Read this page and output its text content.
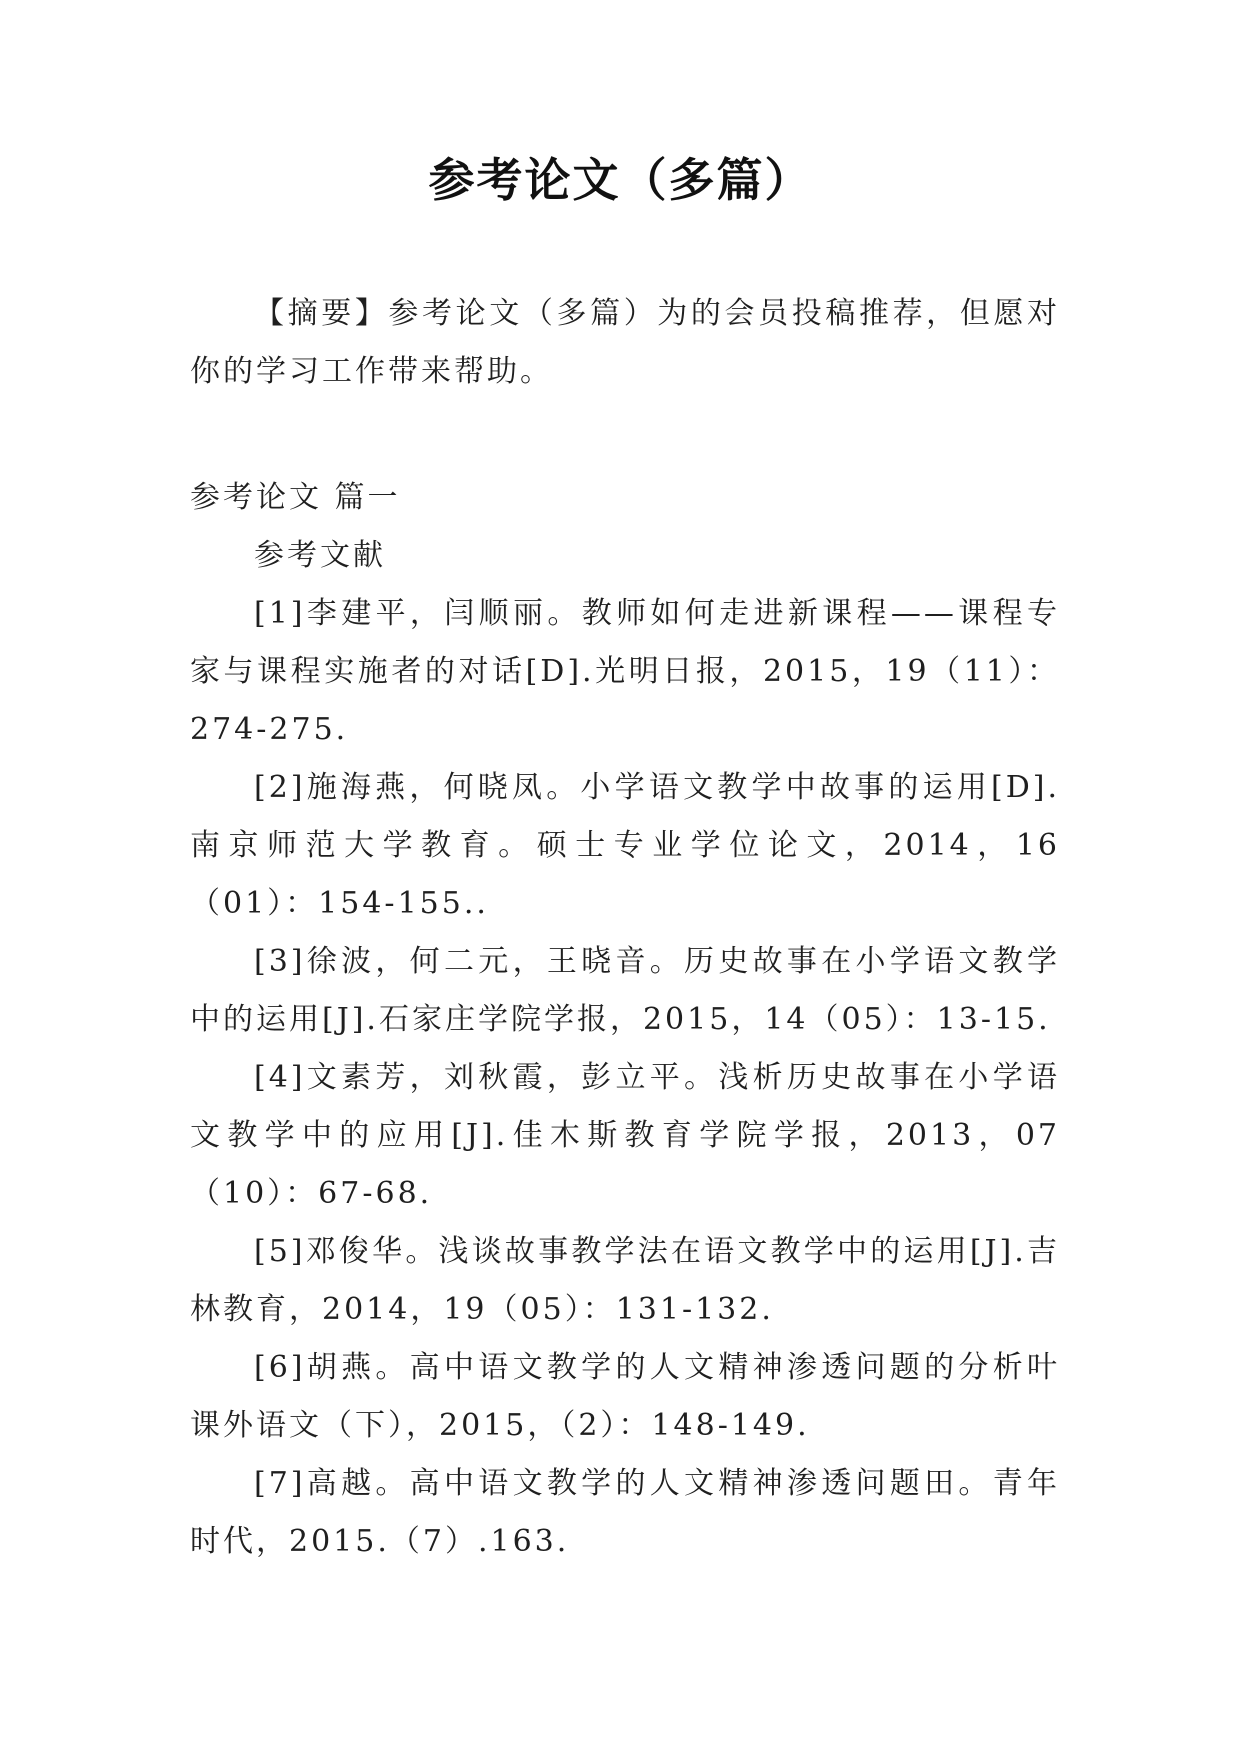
参考论文（多篇）

【摘要】参考论文（多篇）为的会员投稿推荐，但愿对你的学习工作带来帮助。

参考论文 篇一

参考文献

[1]李建平，闫顺丽。教师如何走进新课程——课程专家与课程实施者的对话[D].光明日报，2015，19（11）：274-275.

[2]施海燕，何晓凤。小学语文教学中故事的运用[D].南京师范大学教育。硕士专业学位论文，2014，16（01）：154-155..

[3]徐波，何二元，王晓音。历史故事在小学语文教学中的运用[J].石家庄学院学报，2015，14（05）：13-15.

[4]文素芳，刘秋霞，彭立平。浅析历史故事在小学语文教学中的应用[J].佳木斯教育学院学报，2013，07（10）：67-68.

[5]邓俊华。浅谈故事教学法在语文教学中的运用[J].吉林教育，2014，19（05）：131-132.

[6]胡燕。高中语文教学的人文精神渗透问题的分析叶课外语文（下），2015，（2）：148-149.

[7]高越。高中语文教学的人文精神渗透问题田。青年时代，2015.（7）.163.
